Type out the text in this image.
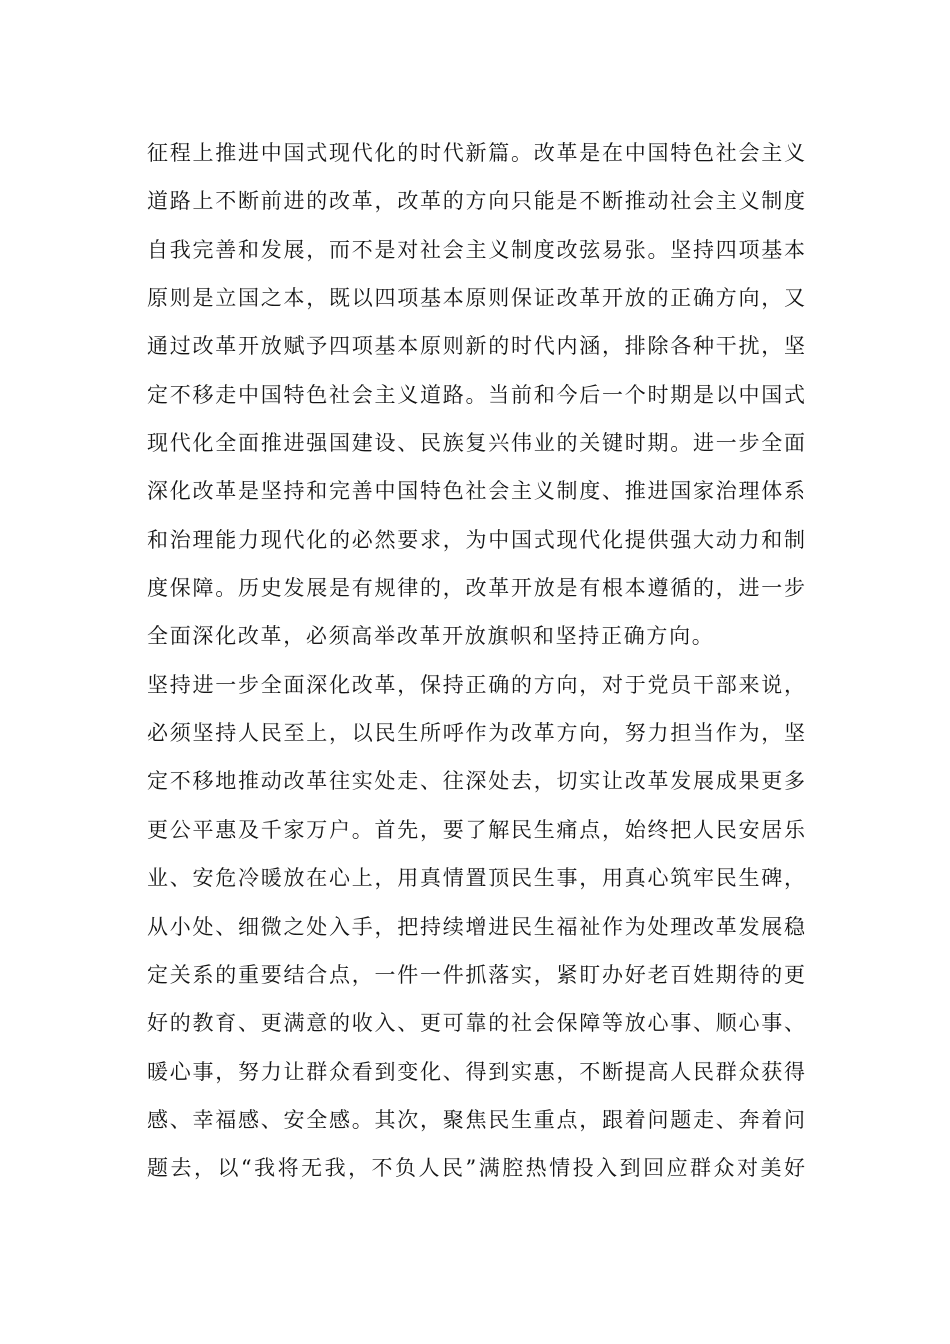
征程上推进中国式现代化的时代新篇。改革是在中国特色社会主义
道路上不断前进的改革，改革的方向只能是不断推动社会主义制度
自我完善和发展，而不是对社会主义制度改弦易张。坚持四项基本
原则是立国之本，既以四项基本原则保证改革开放的正确方向，又
通过改革开放赋予四项基本原则新的时代内涵，排除各种干扰，坚
定不移走中国特色社会主义道路。当前和今后一个时期是以中国式
现代化全面推进强国建设、民族复兴伟业的关键时期。进一步全面
深化改革是坚持和完善中国特色社会主义制度、推进国家治理体系
和治理能力现代化的必然要求，为中国式现代化提供强大动力和制
度保障。历史发展是有规律的，改革开放是有根本遵循的，进一步
全面深化改革，必须高举改革开放旗帜和坚持正确方向。
坚持进一步全面深化改革，保持正确的方向，对于党员干部来说，
必须坚持人民至上，以民生所呼作为改革方向，努力担当作为，坚
定不移地推动改革往实处走、往深处去，切实让改革发展成果更多
更公平惠及千家万户。首先，要了解民生痛点，始终把人民安居乐
业、安危冷暖放在心上，用真情置顶民生事，用真心筑牢民生碑，
从小处、细微之处入手，把持续增进民生福祉作为处理改革发展稳
定关系的重要结合点，一件一件抓落实，紧盯办好老百姓期待的更
好的教育、更满意的收入、更可靠的社会保障等放心事、顺心事、
暖心事，努力让群众看到变化、得到实惠，不断提高人民群众获得
感、幸福感、安全感。其次，聚焦民生重点，跟着问题走、奔着问
题去，以“我将无我，不负人民”满腔热情投入到回应群众对美好
